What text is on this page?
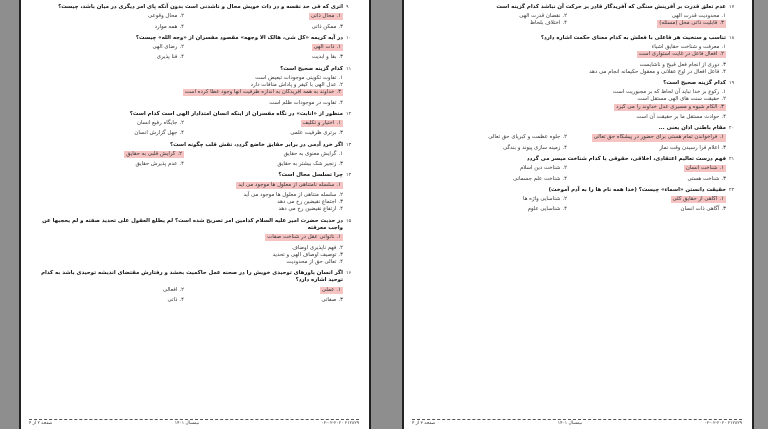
۹
اثری که فی حد نفسه و در ذات خویش محال و ناشدنی است بدون آنکه پای امر دیگری در میان باشد، چیست؟
۱.محال ذاتی
۲.محال وقوعی
۳.ممکن ذاتی
۴.همه موارد
۱۰
در آیه کریمه «کل شی، هالک الا وجهه» مقصود مفسران از «وجه الله» چیست؟
۱.ذات الهی
۲.رضای الهی
۳.بقا و ابدیت
۴.فنا پذیری
۱۱
کدام گزینه صحیح است؟
۱.تفاوت تکوینی موجودات تبعیض است
۲.عدل الهی با کیفر و پاداش منافات دارد
۳.خداوند به همه آفریدگان به اندازه ظرفیت آنها وجود عطا کرده است
۴.تفاوت در موجودات ظلم است
۱۲
منظور از «انابت» در نگاه مفسران از اینکه انسان امتدادار الهی است کدام است؟
۱.اختیار و تکلیف
۲.جایگاه رفیع انسان
۳.برتری ظرفیت علمی
۴.جهل گزارش انسان
۱۳
اگر خرد آدمی در برابر حقایق خاضع گردد، نقش قلب چگونه است؟
۱.گرایش معنوی به حقایق
۲.گرایش قلبی به حقایق
۳.زنجیر شک بیشتر به حقایق
۴.عدم پذیرش حقایق
۱۴
چرا تسلسل محال است؟
۱.سلسله نامتناهی از معلول ها موجود می آید
۲.سلسله متناهی از معلول ها موجود می آید
۳.اجتماع نقیضین رخ می دهد
۴.ارتفاع نقیضین رخ می دهد
۱۵
در حدیث حضرت امیر علیه السلام کدامین امر تصریح شده است؟ لم یطلع العقول علی تحدید صفته و لم یحجبها عن واجب معرفته
۱.ناتوانی عقل در شناخت صفات
۲.فهم ناپذیری اوصاف
۳.توصیف اوصاف الهی و تحدید
۴.تعالی حق از محدودیت
۱۶
اگر انسان باورهای توحیدی خویش را در صحنه عمل حاکمیت بخشد و رفتارش مقتضای اندیشه توحیدی باشد به کدام توحید اشاره دارد؟
۱.عملی
۲.افعالی
۳.صفاتی
۴.ذاتی
صفحه ۲ از ۴	نیمسال ۱۴۰۱	۰۲-۰۲-۲۰۲۰ ۲۱۲۸۲۹
۱۷
عدم تعلق قدرت بر آفرینش سنگی که آفریدگار قادر بر حرکت آن نباشد کدام گزینه است
۱.محدودیت قدرت الهی
۲.نقصان قدرت الهی
۳.قابلیت ذاتی محل (مسئله)
۴.اختلاف بلحاظ
۱۸
تناسب و سنخیت هر فاعلی با فعلش به کدام معنای حکمت اشاره دارد؟
۱.معرفت و شناخت حقایق اشیاء
۲.افعال فاعل در غایت استواری است
۳.دوری از انجام فعل قبیح و ناشایست
۴.فاعل افعال در اوج عقلانی و معقول حکیمانه انجام می دهد
۱۹
کدام گزینه صحیح است؟
۱.رکوع بر خدا نباید آن لحاظ که بر مجبوریت است
۲.حقیقت سنت های الهی مستقل است
۳.الکام شیوه و مسیری عدل خداوند را می گیرد
۴.حوادث مستقل ما بر حقیقت آن است
۲۰
مقام باطنی اذان یعنی ...
۱.فراخواندن تمام هستی برای حضور در پیشگاه حق تعالی
۲.جلوه عظمت و کبریای حق تعالی
۳.اعلام فرا رسیدن وقت نماز
۴.زمینه سازی پیوند و بندگی
۲۱
فهم درست تعالیم اعتقادی، اخلاقی، حقوقی با کدام شناخت میسر می گردد
۱.شناخت انسان
۲.شناخت دین اسلام
۳.شناخت هستی
۴.شناخت علم جسمانی
۲۲
حقیقت دانستن «اسماء» چیست؟ (خدا همه نام ها را به آدم آموخت)
۱.آگاهی از حقایق کلی
۲.شناسایی واژه ها
۳.آگاهی ذات انسان
۴.شناسایی علوم
صفحه ۳ از ۴	نیمسال ۱۴۰۱	۰۲-۰۲-۲۰۲۰ ۲۱۲۸۲۹
